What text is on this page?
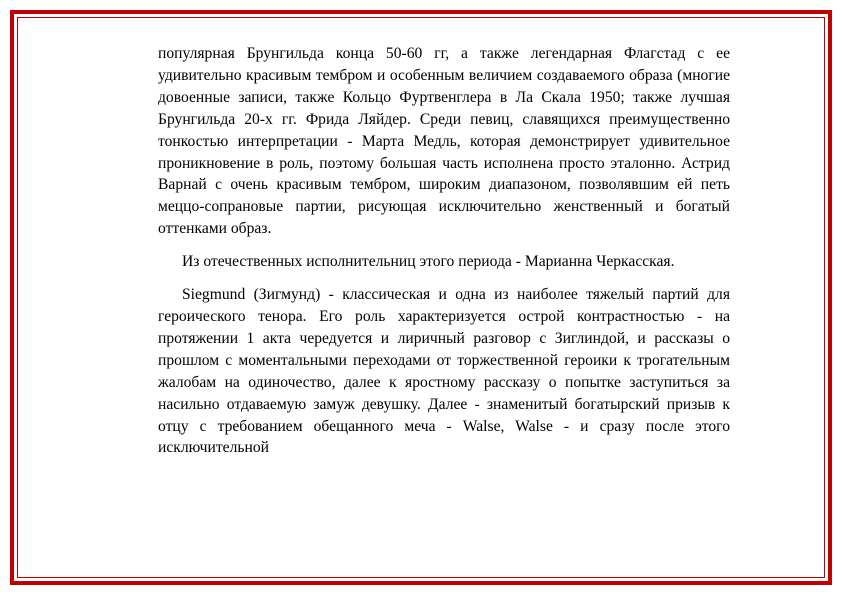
популярная Брунгильда конца 50-60 гг, а также легендарная Флагстад с ее удивительно красивым тембром и особенным величием создаваемого образа (многие довоенные записи, также Кольцо Фуртвенглера в Ла Скала 1950; также лучшая Брунгильда 20-х гг. Фрида Ляйдер. Среди певиц, славящихся преимущественно тонкостью интерпретации - Марта Медль, которая демонстрирует удивительное проникновение в роль, поэтому большая часть исполнена просто эталонно. Астрид Варнай с очень красивым тембром, широким диапазоном, позволявшим ей петь меццо-сопрановые партии, рисующая исключительно женственный и богатый оттенками образ.

Из отечественных исполнительниц этого периода - Марианна Черкасская.

Siegmund (Зигмунд) - классическая и одна из наиболее тяжелый партий для героического тенора. Его роль характеризуется острой контрастностью - на протяжении 1 акта чередуется и лиричный разговор с Зиглиндой, и рассказы о прошлом с моментальными переходами от торжественной героики к трогательным жалобам на одиночество, далее к яростному рассказу о попытке заступиться за насильно отдаваемую замуж девушку. Далее - знаменитый богатырский призыв к отцу с требованием обещанного меча - Walse, Walse - и сразу после этого исключительной
